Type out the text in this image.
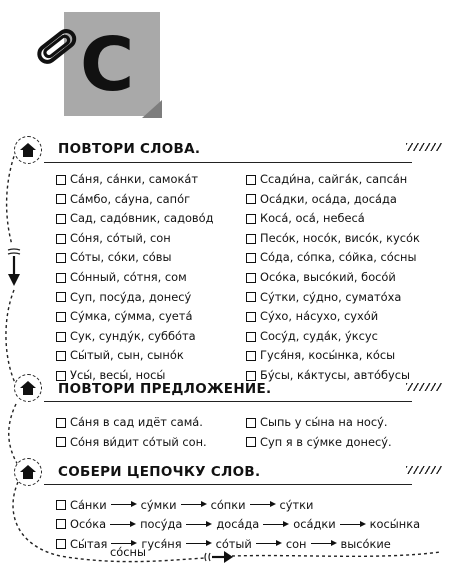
С
ПОВТОРИ СЛОВА.
Са́ня, са́нки, самока́т
Са́мбо, са́уна, сапо́г
Сад, садо́вник, садово́д
Со́ня, со́тый, сон
Со́ты, со́ки, со́вы
Со́нный, со́тня, сом
Суп, посу́да, донесу́
Су́мка, су́мма, суета́
Сук, сунду́к, суббо́та
Сы́тый, сын, сыно́к
Усы́, весы́, носы́
Ссади́на, сайга́к, сапса́н
Оса́дки, оса́да, доса́да
Коса́, оса́, небеса́
Песо́к, носо́к, висо́к, кусо́к
Со́да, со́пка, со́йка, со́сны
Осо́ка, высо́кий, босо́й
Су́тки, су́дно, сумато́ха
Су́хо, на́сухо, сухо́й
Сосу́д, суда́к, у́ксус
Гуся́ня, косы́нка, ко́сы
Бу́сы, ка́ктусы, авто́бусы
ПОВТОРИ ПРЕДЛОЖЕНИЕ.
Са́ня в сад идёт сама́.
Со́ня ви́дит со́тый сон.
Сыпь у сы́на на носу́.
Суп я в су́мке донесу́.
СОБЕРИ ЦЕПОЧКУ СЛОВ.
Са́нки	су́мки	со́пки	су́тки
Осо́ка	посу́да	доса́да	оса́дки	косы́нка
Сы́тая	гуся́ня	со́тый	сон	высо́кие
со́сны
